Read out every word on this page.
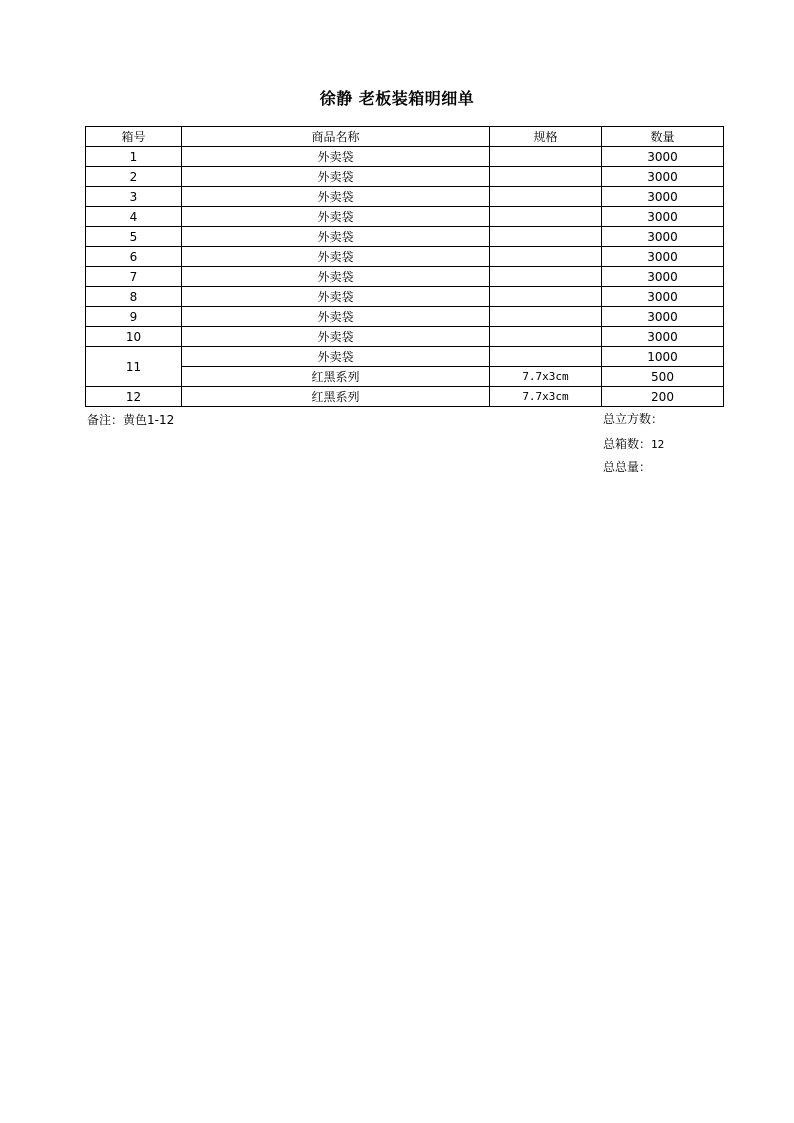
徐静 老板装箱明细单
箱号	商品名称	规格	数量
1	外卖袋		3000
2	外卖袋		3000
3	外卖袋		3000
4	外卖袋		3000
5	外卖袋		3000
6	外卖袋		3000
7	外卖袋		3000
8	外卖袋		3000
9	外卖袋		3000
10	外卖袋		3000
11	外卖袋		1000
	红黑系列	7.7x3cm	500
12	红黑系列	7.7x3cm	200
备注：黄色1-12	总立方数：
总箱数：12
总总量：
